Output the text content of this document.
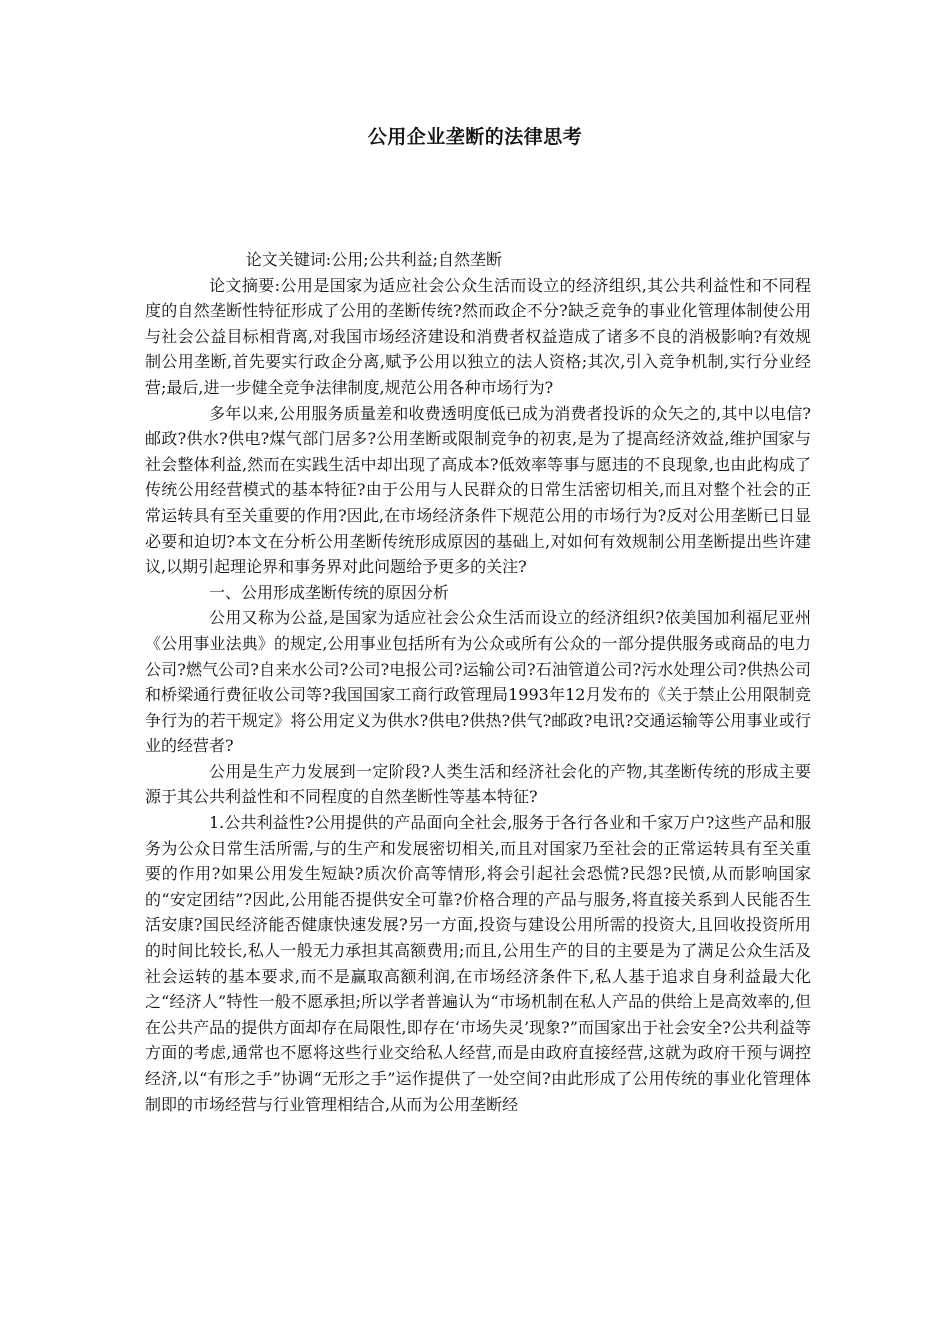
公用企业垄断的法律思考

论文关键词:公用;公共利益;自然垄断

论文摘要:公用是国家为适应社会公众生活而设立的经济组织,其公共利益性和不同程度的自然垄断性特征形成了公用的垄断传统?然而政企不分?缺乏竞争的事业化管理体制使公用与社会公益目标相背离,对我国市场经济建设和消费者权益造成了诸多不良的消极影响?有效规制公用垄断,首先要实行政企分离,赋予公用以独立的法人资格;其次,引入竞争机制,实行分业经营;最后,进一步健全竞争法律制度,规范公用各种市场行为?

多年以来,公用服务质量差和收费透明度低已成为消费者投诉的众矢之的,其中以电信?邮政?供水?供电?煤气部门居多?公用垄断或限制竞争的初衷,是为了提高经济效益,维护国家与社会整体利益,然而在实践生活中却出现了高成本?低效率等事与愿违的不良现象,也由此构成了传统公用经营模式的基本特征?由于公用与人民群众的日常生活密切相关,而且对整个社会的正常运转具有至关重要的作用?因此,在市场经济条件下规范公用的市场行为?反对公用垄断已日显必要和迫切?本文在分析公用垄断传统形成原因的基础上,对如何有效规制公用垄断提出些许建议,以期引起理论界和事务界对此问题给予更多的关注?

一、公用形成垄断传统的原因分析

公用又称为公益,是国家为适应社会公众生活而设立的经济组织?依美国加利福尼亚州《公用事业法典》的规定,公用事业包括所有为公众或所有公众的一部分提供服务或商品的电力公司?燃气公司?自来水公司?公司?电报公司?运输公司?石油管道公司?污水处理公司?供热公司和桥梁通行费征收公司等?我国国家工商行政管理局1993年12月发布的《关于禁止公用限制竞争行为的若干规定》将公用定义为供水?供电?供热?供气?邮政?电讯?交通运输等公用事业或行业的经营者?

公用是生产力发展到一定阶段?人类生活和经济社会化的产物,其垄断传统的形成主要源于其公共利益性和不同程度的自然垄断性等基本特征?

1.公共利益性?公用提供的产品面向全社会,服务于各行各业和千家万户?这些产品和服务为公众日常生活所需,与的生产和发展密切相关,而且对国家乃至社会的正常运转具有至关重要的作用?如果公用发生短缺?质次价高等情形,将会引起社会恐慌?民怨?民愤,从而影响国家的“安定团结”?因此,公用能否提供安全可靠?价格合理的产品与服务,将直接关系到人民能否生活安康?国民经济能否健康快速发展?另一方面,投资与建设公用所需的投资大,且回收投资所用的时间比较长,私人一般无力承担其高额费用;而且,公用生产的目的主要是为了满足公众生活及社会运转的基本要求,而不是赢取高额利润,在市场经济条件下,私人基于追求自身利益最大化之“经济人”特性一般不愿承担;所以学者普遍认为“市场机制在私人产品的供给上是高效率的,但在公共产品的提供方面却存在局限性,即存在‘市场失灵’现象?”而国家出于社会安全?公共利益等方面的考虑,通常也不愿将这些行业交给私人经营,而是由政府直接经营,这就为政府干预与调控经济,以“有形之手”协调“无形之手”运作提供了一处空间?由此形成了公用传统的事业化管理体制即的市场经营与行业管理相结合,从而为公用垄断经
